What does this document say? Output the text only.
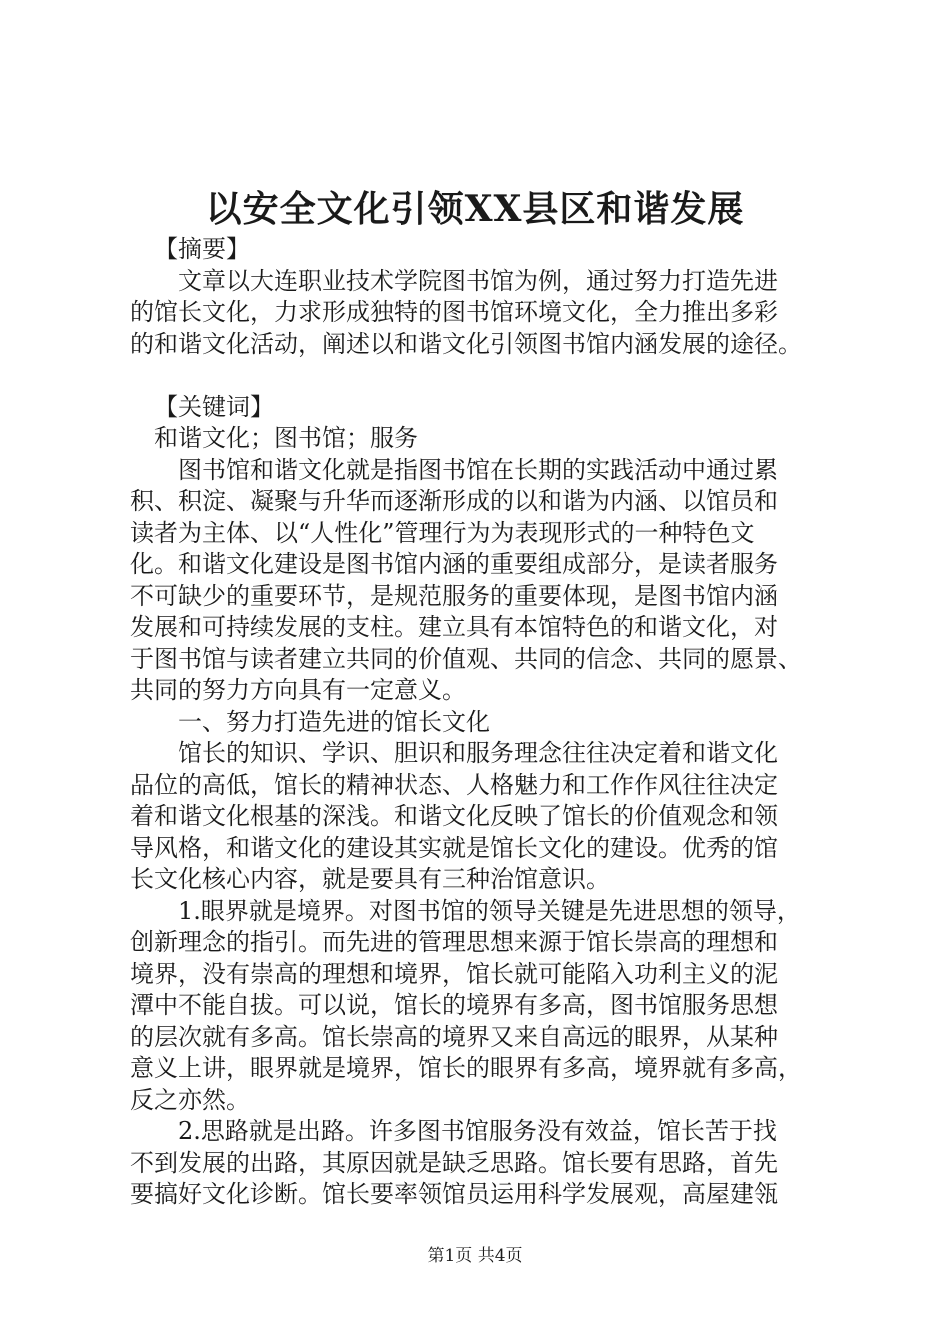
以安全文化引领XX县区和谐发展
【摘要】
文章以大连职业技术学院图书馆为例，通过努力打造先进
的馆长文化，力求形成独特的图书馆环境文化，全力推出多彩
的和谐文化活动，阐述以和谐文化引领图书馆内涵发展的途径。
【关键词】
和谐文化；图书馆；服务
图书馆和谐文化就是指图书馆在长期的实践活动中通过累
积、积淀、凝聚与升华而逐渐形成的以和谐为内涵、以馆员和
读者为主体、以“人性化”管理行为为表现形式的一种特色文
化。和谐文化建设是图书馆内涵的重要组成部分，是读者服务
不可缺少的重要环节，是规范服务的重要体现，是图书馆内涵
发展和可持续发展的支柱。建立具有本馆特色的和谐文化，对
于图书馆与读者建立共同的价值观、共同的信念、共同的愿景、
共同的努力方向具有一定意义。
一、努力打造先进的馆长文化
馆长的知识、学识、胆识和服务理念往往决定着和谐文化
品位的高低，馆长的精神状态、人格魅力和工作作风往往决定
着和谐文化根基的深浅。和谐文化反映了馆长的价值观念和领
导风格，和谐文化的建设其实就是馆长文化的建设。优秀的馆
长文化核心内容，就是要具有三种治馆意识。
1.眼界就是境界。对图书馆的领导关键是先进思想的领导，
创新理念的指引。而先进的管理思想来源于馆长崇高的理想和
境界，没有崇高的理想和境界，馆长就可能陷入功利主义的泥
潭中不能自拔。可以说，馆长的境界有多高，图书馆服务思想
的层次就有多高。馆长崇高的境界又来自高远的眼界，从某种
意义上讲，眼界就是境界，馆长的眼界有多高，境界就有多高，
反之亦然。
2.思路就是出路。许多图书馆服务没有效益，馆长苦于找
不到发展的出路，其原因就是缺乏思路。馆长要有思路，首先
要搞好文化诊断。馆长要率领馆员运用科学发展观，高屋建瓴
第1页 共4页
